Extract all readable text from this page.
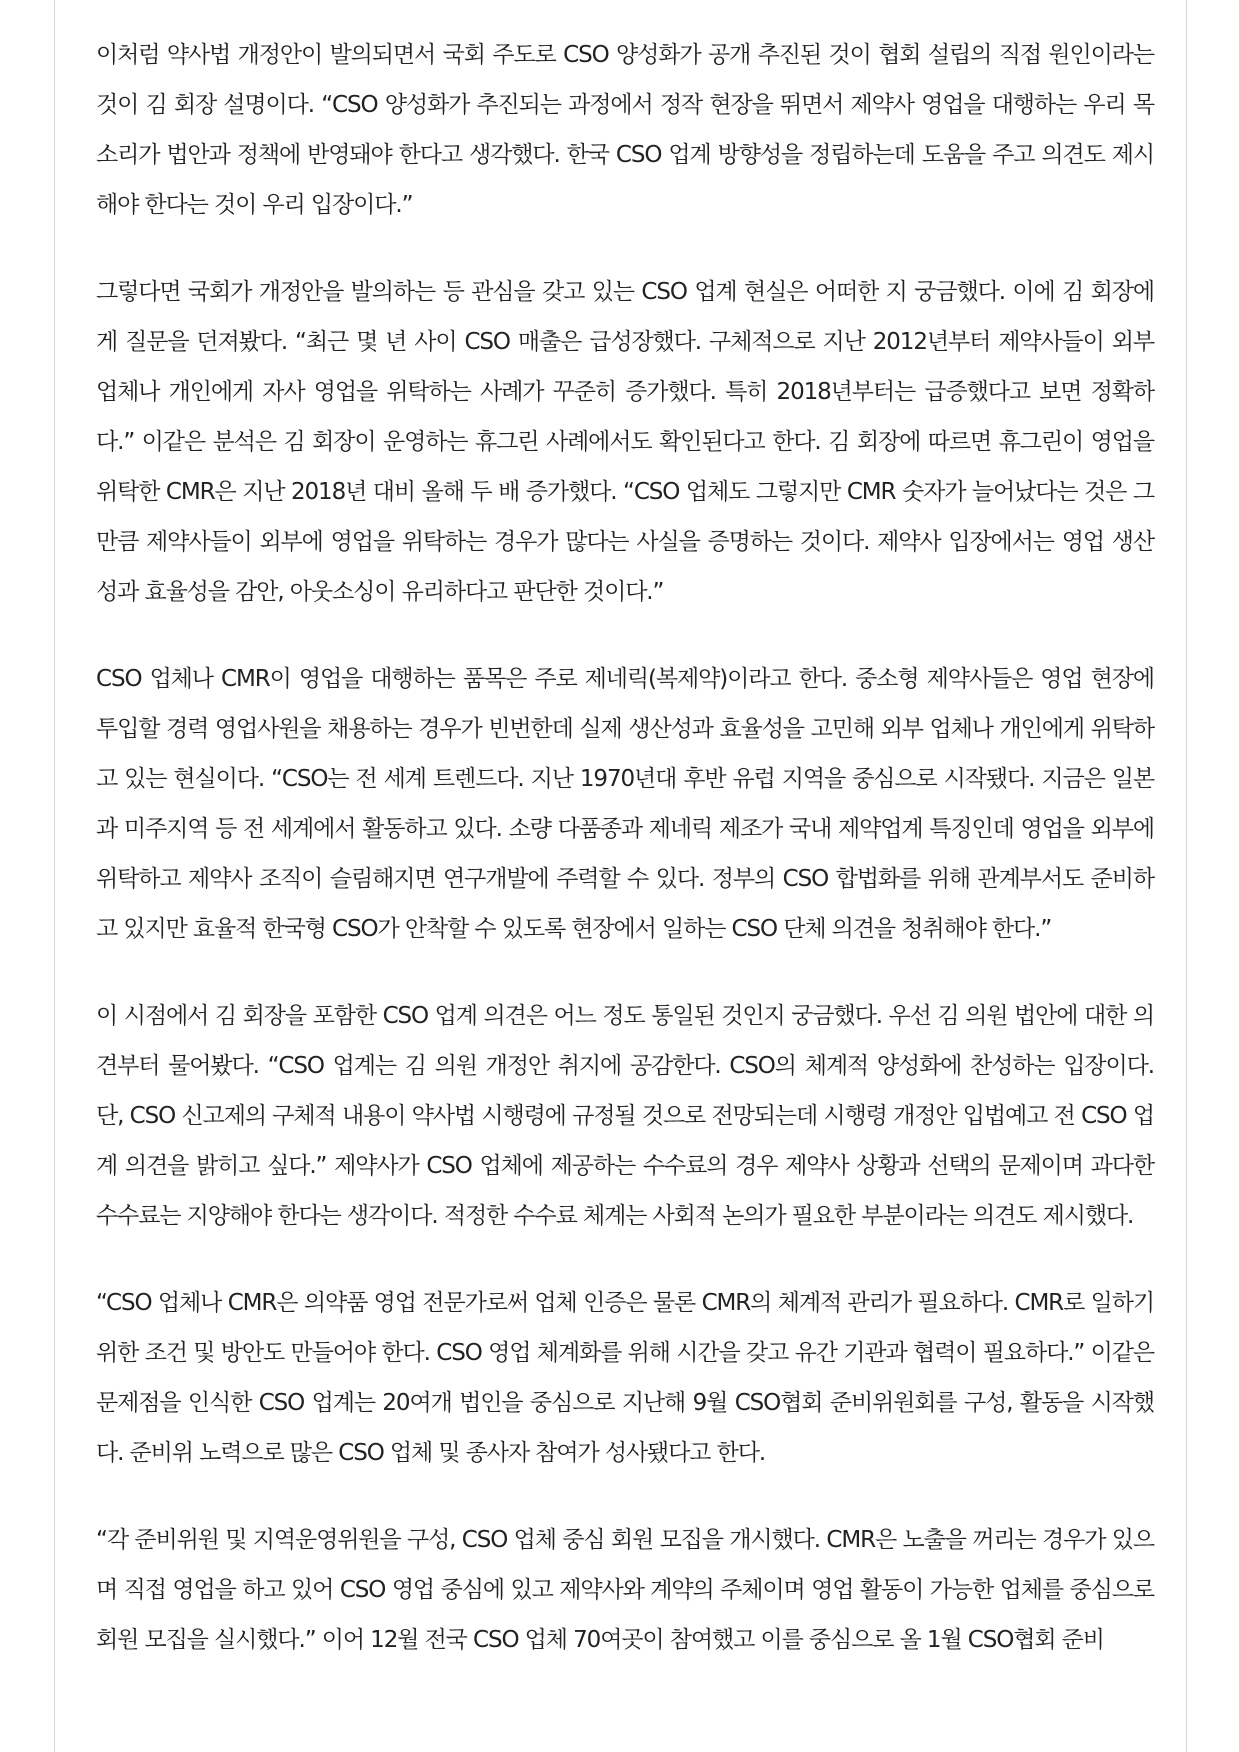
이처럼 약사법 개정안이 발의되면서 국회 주도로 CSO 양성화가 공개 추진된 것이 협회 설립의 직접 원인이라는 것이 김 회장 설명이다. “CSO 양성화가 추진되는 과정에서 정작 현장을 뛰면서 제약사 영업을 대행하는 우리 목소리가 법안과 정책에 반영돼야 한다고 생각했다. 한국 CSO 업계 방향성을 정립하는데 도움을 주고 의견도 제시해야 한다는 것이 우리 입장이다.”

그렇다면 국회가 개정안을 발의하는 등 관심을 갖고 있는 CSO 업계 현실은 어떠한 지 궁금했다. 이에 김 회장에게 질문을 던져봤다. “최근 몇 년 사이 CSO 매출은 급성장했다. 구체적으로 지난 2012년부터 제약사들이 외부 업체나 개인에게 자사 영업을 위탁하는 사례가 꾸준히 증가했다. 특히 2018년부터는 급증했다고 보면 정확하다.” 이같은 분석은 김 회장이 운영하는 휴그린 사례에서도 확인된다고 한다. 김 회장에 따르면 휴그린이 영업을 위탁한 CMR은 지난 2018년 대비 올해 두 배 증가했다. “CSO 업체도 그렇지만 CMR 숫자가 늘어났다는 것은 그만큼 제약사들이 외부에 영업을 위탁하는 경우가 많다는 사실을 증명하는 것이다. 제약사 입장에서는 영업 생산성과 효율성을 감안, 아웃소싱이 유리하다고 판단한 것이다.”

CSO 업체나 CMR이 영업을 대행하는 품목은 주로 제네릭(복제약)이라고 한다. 중소형 제약사들은 영업 현장에 투입할 경력 영업사원을 채용하는 경우가 빈번한데 실제 생산성과 효율성을 고민해 외부 업체나 개인에게 위탁하고 있는 현실이다. “CSO는 전 세계 트렌드다. 지난 1970년대 후반 유럽 지역을 중심으로 시작됐다. 지금은 일본과 미주지역 등 전 세계에서 활동하고 있다. 소량 다품종과 제네릭 제조가 국내 제약업계 특징인데 영업을 외부에 위탁하고 제약사 조직이 슬림해지면 연구개발에 주력할 수 있다. 정부의 CSO 합법화를 위해 관계부서도 준비하고 있지만 효율적 한국형 CSO가 안착할 수 있도록 현장에서 일하는 CSO 단체 의견을 청취해야 한다.”

이 시점에서 김 회장을 포함한 CSO 업계 의견은 어느 정도 통일된 것인지 궁금했다. 우선 김 의원 법안에 대한 의견부터 물어봤다. “CSO 업계는 김 의원 개정안 취지에 공감한다. CSO의 체계적 양성화에 찬성하는 입장이다. 단, CSO 신고제의 구체적 내용이 약사법 시행령에 규정될 것으로 전망되는데 시행령 개정안 입법예고 전 CSO 업계 의견을 밝히고 싶다.” 제약사가 CSO 업체에 제공하는 수수료의 경우 제약사 상황과 선택의 문제이며 과다한 수수료는 지양해야 한다는 생각이다. 적정한 수수료 체계는 사회적 논의가 필요한 부분이라는 의견도 제시했다.

“CSO 업체나 CMR은 의약품 영업 전문가로써 업체 인증은 물론 CMR의 체계적 관리가 필요하다. CMR로 일하기 위한 조건 및 방안도 만들어야 한다. CSO 영업 체계화를 위해 시간을 갖고 유간 기관과 협력이 필요하다.” 이같은 문제점을 인식한 CSO 업계는 20여개 법인을 중심으로 지난해 9월 CSO협회 준비위원회를 구성, 활동을 시작했다. 준비위 노력으로 많은 CSO 업체 및 종사자 참여가 성사됐다고 한다.

“각 준비위원 및 지역운영위원을 구성, CSO 업체 중심 회원 모집을 개시했다. CMR은 노출을 꺼리는 경우가 있으며 직접 영업을 하고 있어 CSO 영업 중심에 있고 제약사와 계약의 주체이며 영업 활동이 가능한 업체를 중심으로 회원 모집을 실시했다.” 이어 12월 전국 CSO 업체 70여곳이 참여했고 이를 중심으로 올 1월 CSO협회 준비
